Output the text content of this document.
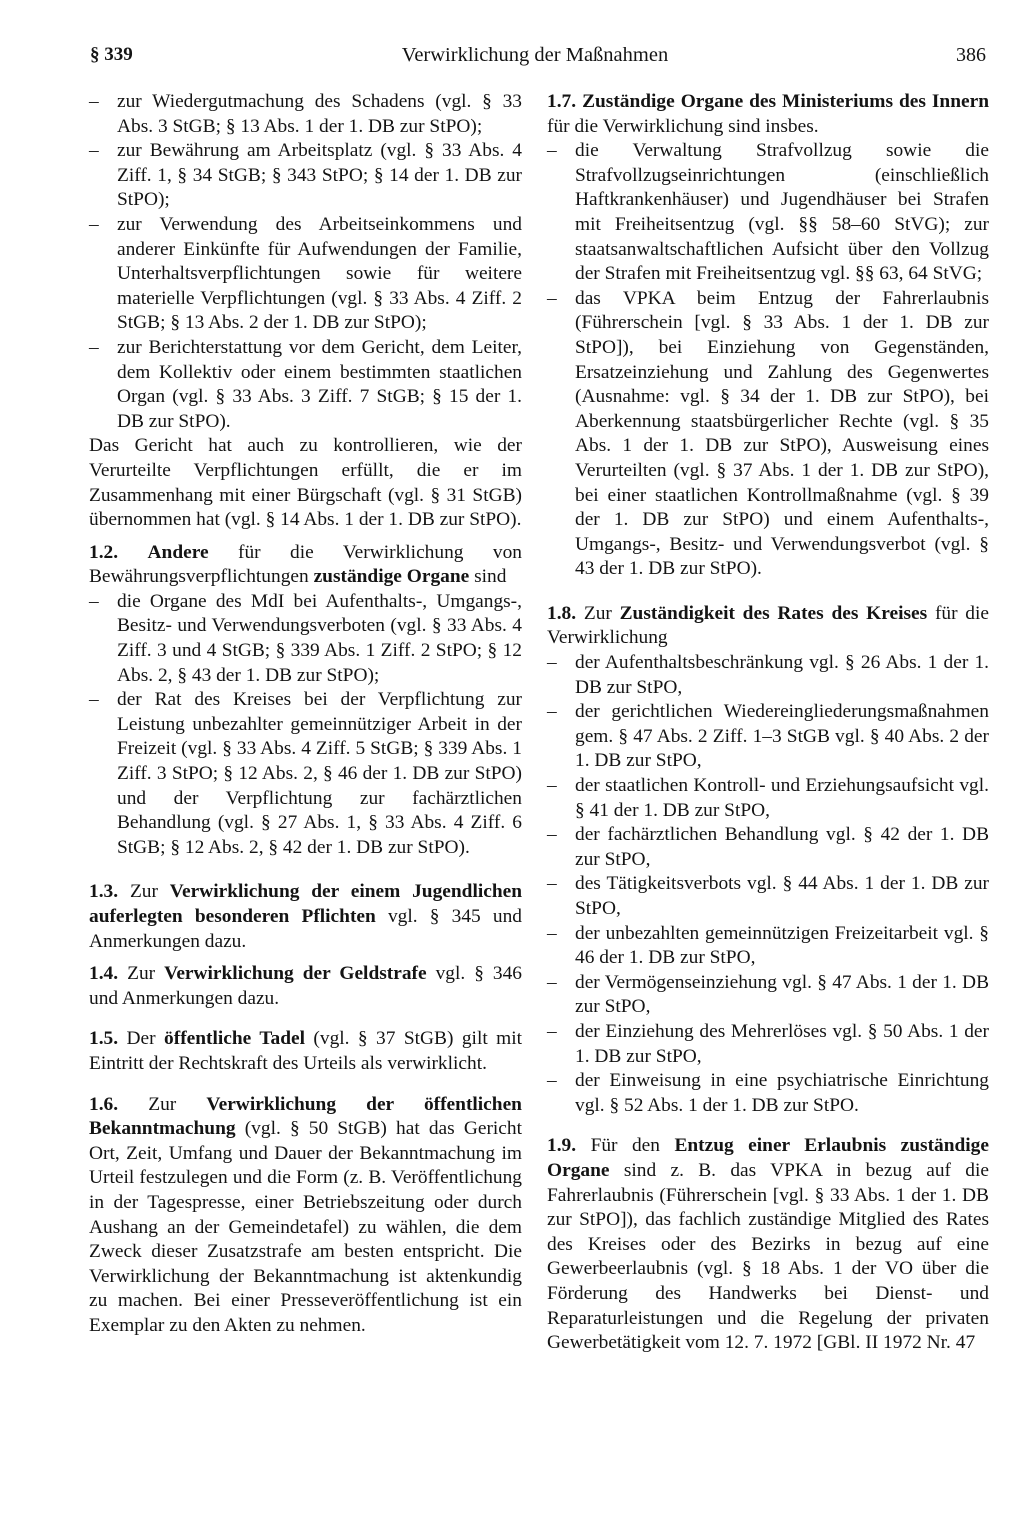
§ 339	Verwirklichung der Maßnahmen	386
– zur Wiedergutmachung des Schadens (vgl. § 33 Abs. 3 StGB; § 13 Abs. 1 der 1. DB zur StPO);
– zur Bewährung am Arbeitsplatz (vgl. § 33 Abs. 4 Ziff. 1, § 34 StGB; § 343 StPO; § 14 der 1. DB zur StPO);
– zur Verwendung des Arbeitseinkommens und anderer Einkünfte für Aufwendungen der Familie, Unterhaltsverpflichtungen sowie für weitere materielle Verpflichtungen (vgl. § 33 Abs. 4 Ziff. 2 StGB; § 13 Abs. 2 der 1. DB zur StPO);
– zur Berichterstattung vor dem Gericht, dem Leiter, dem Kollektiv oder einem bestimmten staatlichen Organ (vgl. § 33 Abs. 3 Ziff. 7 StGB; § 15 der 1. DB zur StPO).

Das Gericht hat auch zu kontrollieren, wie der Verurteilte Verpflichtungen erfüllt, die er im Zusammenhang mit einer Bürgschaft (vgl. § 31 StGB) übernommen hat (vgl. § 14 Abs. 1 der 1. DB zur StPO).

1.2. Andere für die Verwirklichung von Bewährungsverpflichtungen zuständige Organe sind

– die Organe des MdI bei Aufenthalts-, Umgangs-, Besitz- und Verwendungsverboten (vgl. § 33 Abs. 4 Ziff. 3 und 4 StGB; § 339 Abs. 1 Ziff. 2 StPO; § 12 Abs. 2, § 43 der 1. DB zur StPO);
– der Rat des Kreises bei der Verpflichtung zur Leistung unbezahlter gemeinnütziger Arbeit in der Freizeit (vgl. § 33 Abs. 4 Ziff. 5 StGB; § 339 Abs. 1 Ziff. 3 StPO; § 12 Abs. 2, § 46 der 1. DB zur StPO) und der Verpflichtung zur fachärztlichen Behandlung (vgl. § 27 Abs. 1, § 33 Abs. 4 Ziff. 6 StGB; § 12 Abs. 2, § 42 der 1. DB zur StPO).

1.3. Zur Verwirklichung der einem Jugendlichen auferlegten besonderen Pflichten vgl. § 345 und Anmerkungen dazu.

1.4. Zur Verwirklichung der Geldstrafe vgl. § 346 und Anmerkungen dazu.

1.5. Der öffentliche Tadel (vgl. § 37 StGB) gilt mit Eintritt der Rechtskraft des Urteils als verwirklicht.

1.6. Zur Verwirklichung der öffentlichen Bekanntmachung (vgl. § 50 StGB) hat das Gericht Ort, Zeit, Umfang und Dauer der Bekanntmachung im Urteil festzulegen und die Form (z. B. Veröffentlichung in der Tagespresse, einer Betriebszeitung oder durch Aushang an der Gemeindetafel) zu wählen, die dem Zweck dieser Zusatzstrafe am besten entspricht. Die Verwirklichung der Bekanntmachung ist aktenkundig zu machen. Bei einer Presseveröffentlichung ist ein Exemplar zu den Akten zu nehmen.

1.7. Zuständige Organe des Ministeriums des Innern für die Verwirklichung sind insbes.

– die Verwaltung Strafvollzug sowie die Strafvollzugseinrichtungen (einschließlich Haftkrankenhäuser) und Jugendhäuser bei Strafen mit Freiheitsentzug (vgl. §§ 58–60 StVG); zur staatsanwaltschaftlichen Aufsicht über den Vollzug der Strafen mit Freiheitsentzug vgl. §§ 63, 64 StVG;
– das VPKA beim Entzug der Fahrerlaubnis (Führerschein [vgl. § 33 Abs. 1 der 1. DB zur StPO]), bei Einziehung von Gegenständen, Ersatzeinziehung und Zahlung des Gegenwertes (Ausnahme: vgl. § 34 der 1. DB zur StPO), bei Aberkennung staatsbürgerlicher Rechte (vgl. § 35 Abs. 1 der 1. DB zur StPO), Ausweisung eines Verurteilten (vgl. § 37 Abs. 1 der 1. DB zur StPO), bei einer staatlichen Kontrollmaßnahme (vgl. § 39 der 1. DB zur StPO) und einem Aufenthalts-, Umgangs-, Besitz- und Verwendungsverbot (vgl. § 43 der 1. DB zur StPO).

1.8. Zur Zuständigkeit des Rates des Kreises für die Verwirklichung

– der Aufenthaltsbeschränkung vgl. § 26 Abs. 1 der 1. DB zur StPO,
– der gerichtlichen Wiedereingliederungsmaßnahmen gem. § 47 Abs. 2 Ziff. 1–3 StGB vgl. § 40 Abs. 2 der 1. DB zur StPO,
– der staatlichen Kontroll- und Erziehungsaufsicht vgl. § 41 der 1. DB zur StPO,
– der fachärztlichen Behandlung vgl. § 42 der 1. DB zur StPO,
– des Tätigkeitsverbots vgl. § 44 Abs. 1 der 1. DB zur StPO,
– der unbezahlten gemeinnützigen Freizeitarbeit vgl. § 46 der 1. DB zur StPO,
– der Vermögenseinziehung vgl. § 47 Abs. 1 der 1. DB zur StPO,
– der Einziehung des Mehrerlöses vgl. § 50 Abs. 1 der 1. DB zur StPO,
– der Einweisung in eine psychiatrische Einrichtung vgl. § 52 Abs. 1 der 1. DB zur StPO.

1.9. Für den Entzug einer Erlaubnis zuständige Organe sind z. B. das VPKA in bezug auf die Fahrerlaubnis (Führerschein [vgl. § 33 Abs. 1 der 1. DB zur StPO]), das fachlich zuständige Mitglied des Rates des Kreises oder des Bezirks in bezug auf eine Gewerbeerlaubnis (vgl. § 18 Abs. 1 der VO über die Förderung des Handwerks bei Dienst- und Reparaturleistungen und die Regelung der privaten Gewerbetätigkeit vom 12. 7. 1972 [GBl. II 1972 Nr. 47
